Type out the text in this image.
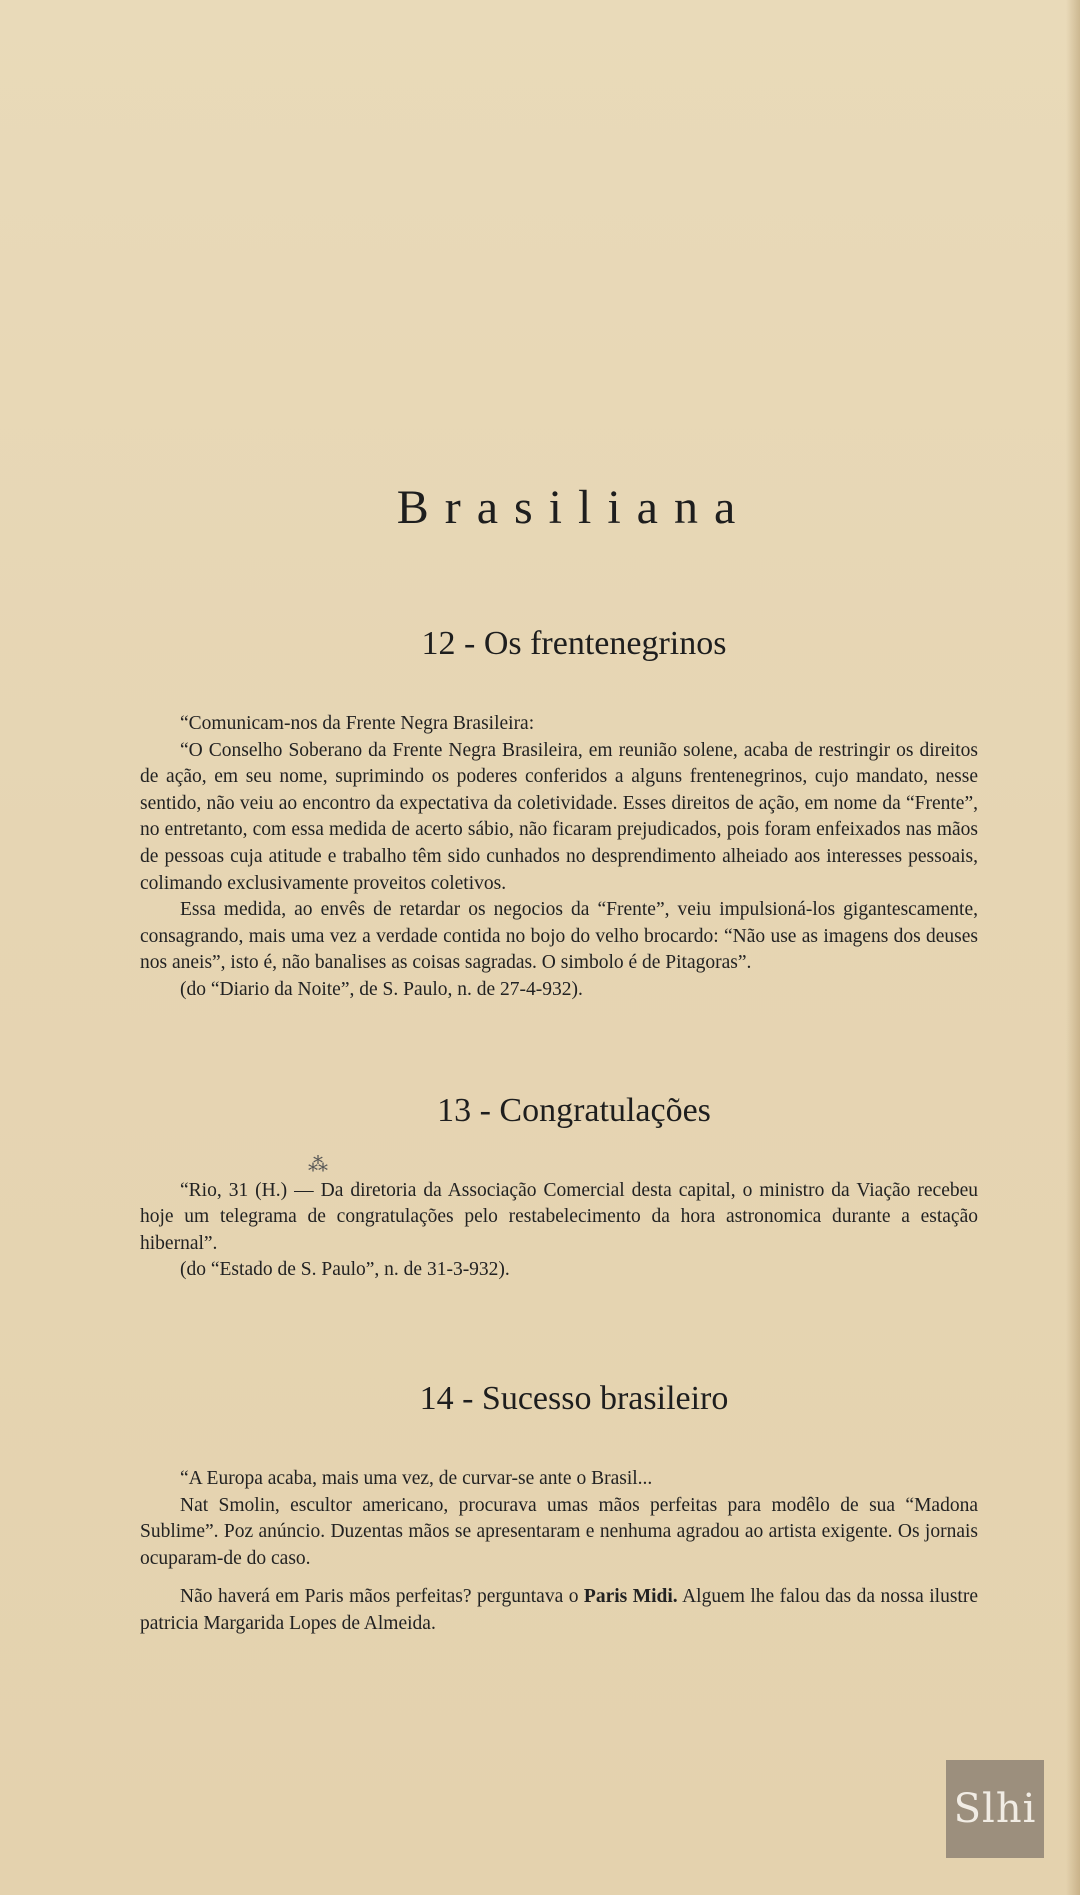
Brasiliana
12 - Os frentenegrinos

“Comunicam-nos da Frente Negra Brasileira:

“O Conselho Soberano da Frente Negra Brasileira, em reunião solene, acaba de restringir os direitos de ação, em seu nome, suprimindo os poderes conferidos a alguns frentenegrinos, cujo mandato, nesse sentido, não veiu ao encontro da expectativa da coletividade. Esses direitos de ação, em nome da “Frente”, no entretanto, com essa medida de acerto sábio, não ficaram prejudicados, pois foram enfeixados nas mãos de pessoas cuja atitude e trabalho têm sido cunhados no desprendimento alheiado aos interesses pessoais, colimando exclusivamente proveitos coletivos.

Essa medida, ao envês de retardar os negocios da “Frente”, veiu impulsioná-los gigantescamente, consagrando, mais uma vez a verdade contida no bojo do velho brocardo: “Não use as imagens dos deuses nos aneis”, isto é, não banalises as coisas sagradas. O simbolo é de Pitagoras”.

(do “Diario da Noite”, de S. Paulo, n. de 27-4-932).

13 - Congratulações

“Rio, 31 (H.) — Da diretoria da Associação Comercial desta capital, o ministro da Viação recebeu hoje um telegrama de congratulações pelo restabelecimento da hora astronomica durante a estação hibernal”.

(do “Estado de S. Paulo”, n. de 31-3-932).

14 - Sucesso brasileiro

“A Europa acaba, mais uma vez, de curvar-se ante o Brasil...

Nat Smolin, escultor americano, procurava umas mãos perfeitas para modêlo de sua “Madona Sublime”. Poz anúncio. Duzentas mãos se apresentaram e nenhuma agradou ao artista exigente. Os jornais ocuparam-de do caso.

Não haverá em Paris mãos perfeitas? perguntava o Paris Midi. Alguem lhe falou das da nossa ilustre patricia Margarida Lopes de Almeida.

⁂
Slhi
